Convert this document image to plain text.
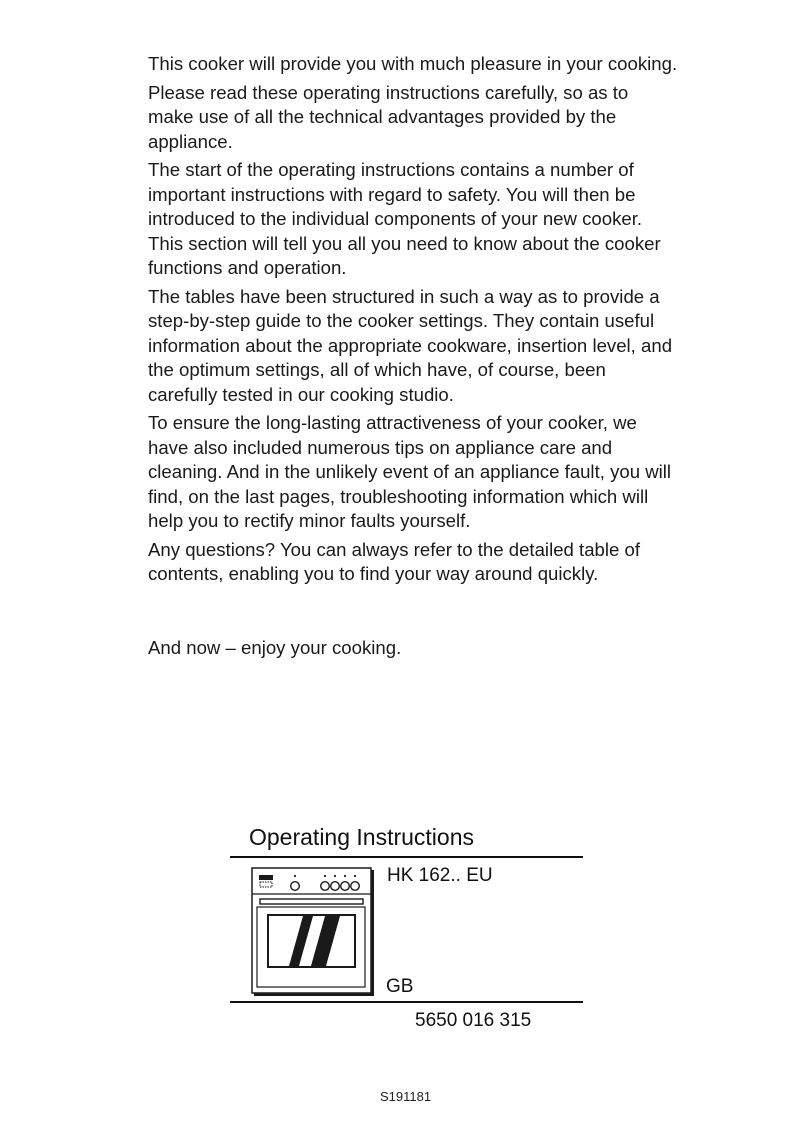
This cooker will provide you with much pleasure in your cooking.

Please read these operating instructions carefully, so as to make use of all the technical advantages provided by the appliance.

The start of the operating instructions contains a number of important instructions with regard to safety. You will then be introduced to the individual components of your new cooker. This section will tell you all you need to know about the cooker functions and operation.

The tables have been structured in such a way as to provide a step-by-step guide to the cooker settings. They contain useful information about the appropriate cookware, insertion level, and the optimum settings, all of which have, of course, been carefully tested in our cooking studio.

To ensure the long-lasting attractiveness of your cooker, we have also included numerous tips on appliance care and cleaning. And in the unlikely event of an appliance fault, you will find, on the last pages, troubleshooting information which will help you to rectify minor faults yourself.

Any questions? You can always refer to the detailed table of contents, enabling you to find your way around quickly.

And now – enjoy your cooking.

Operating Instructions
HK 162.. EU
GB
5650 016 315
S191181
